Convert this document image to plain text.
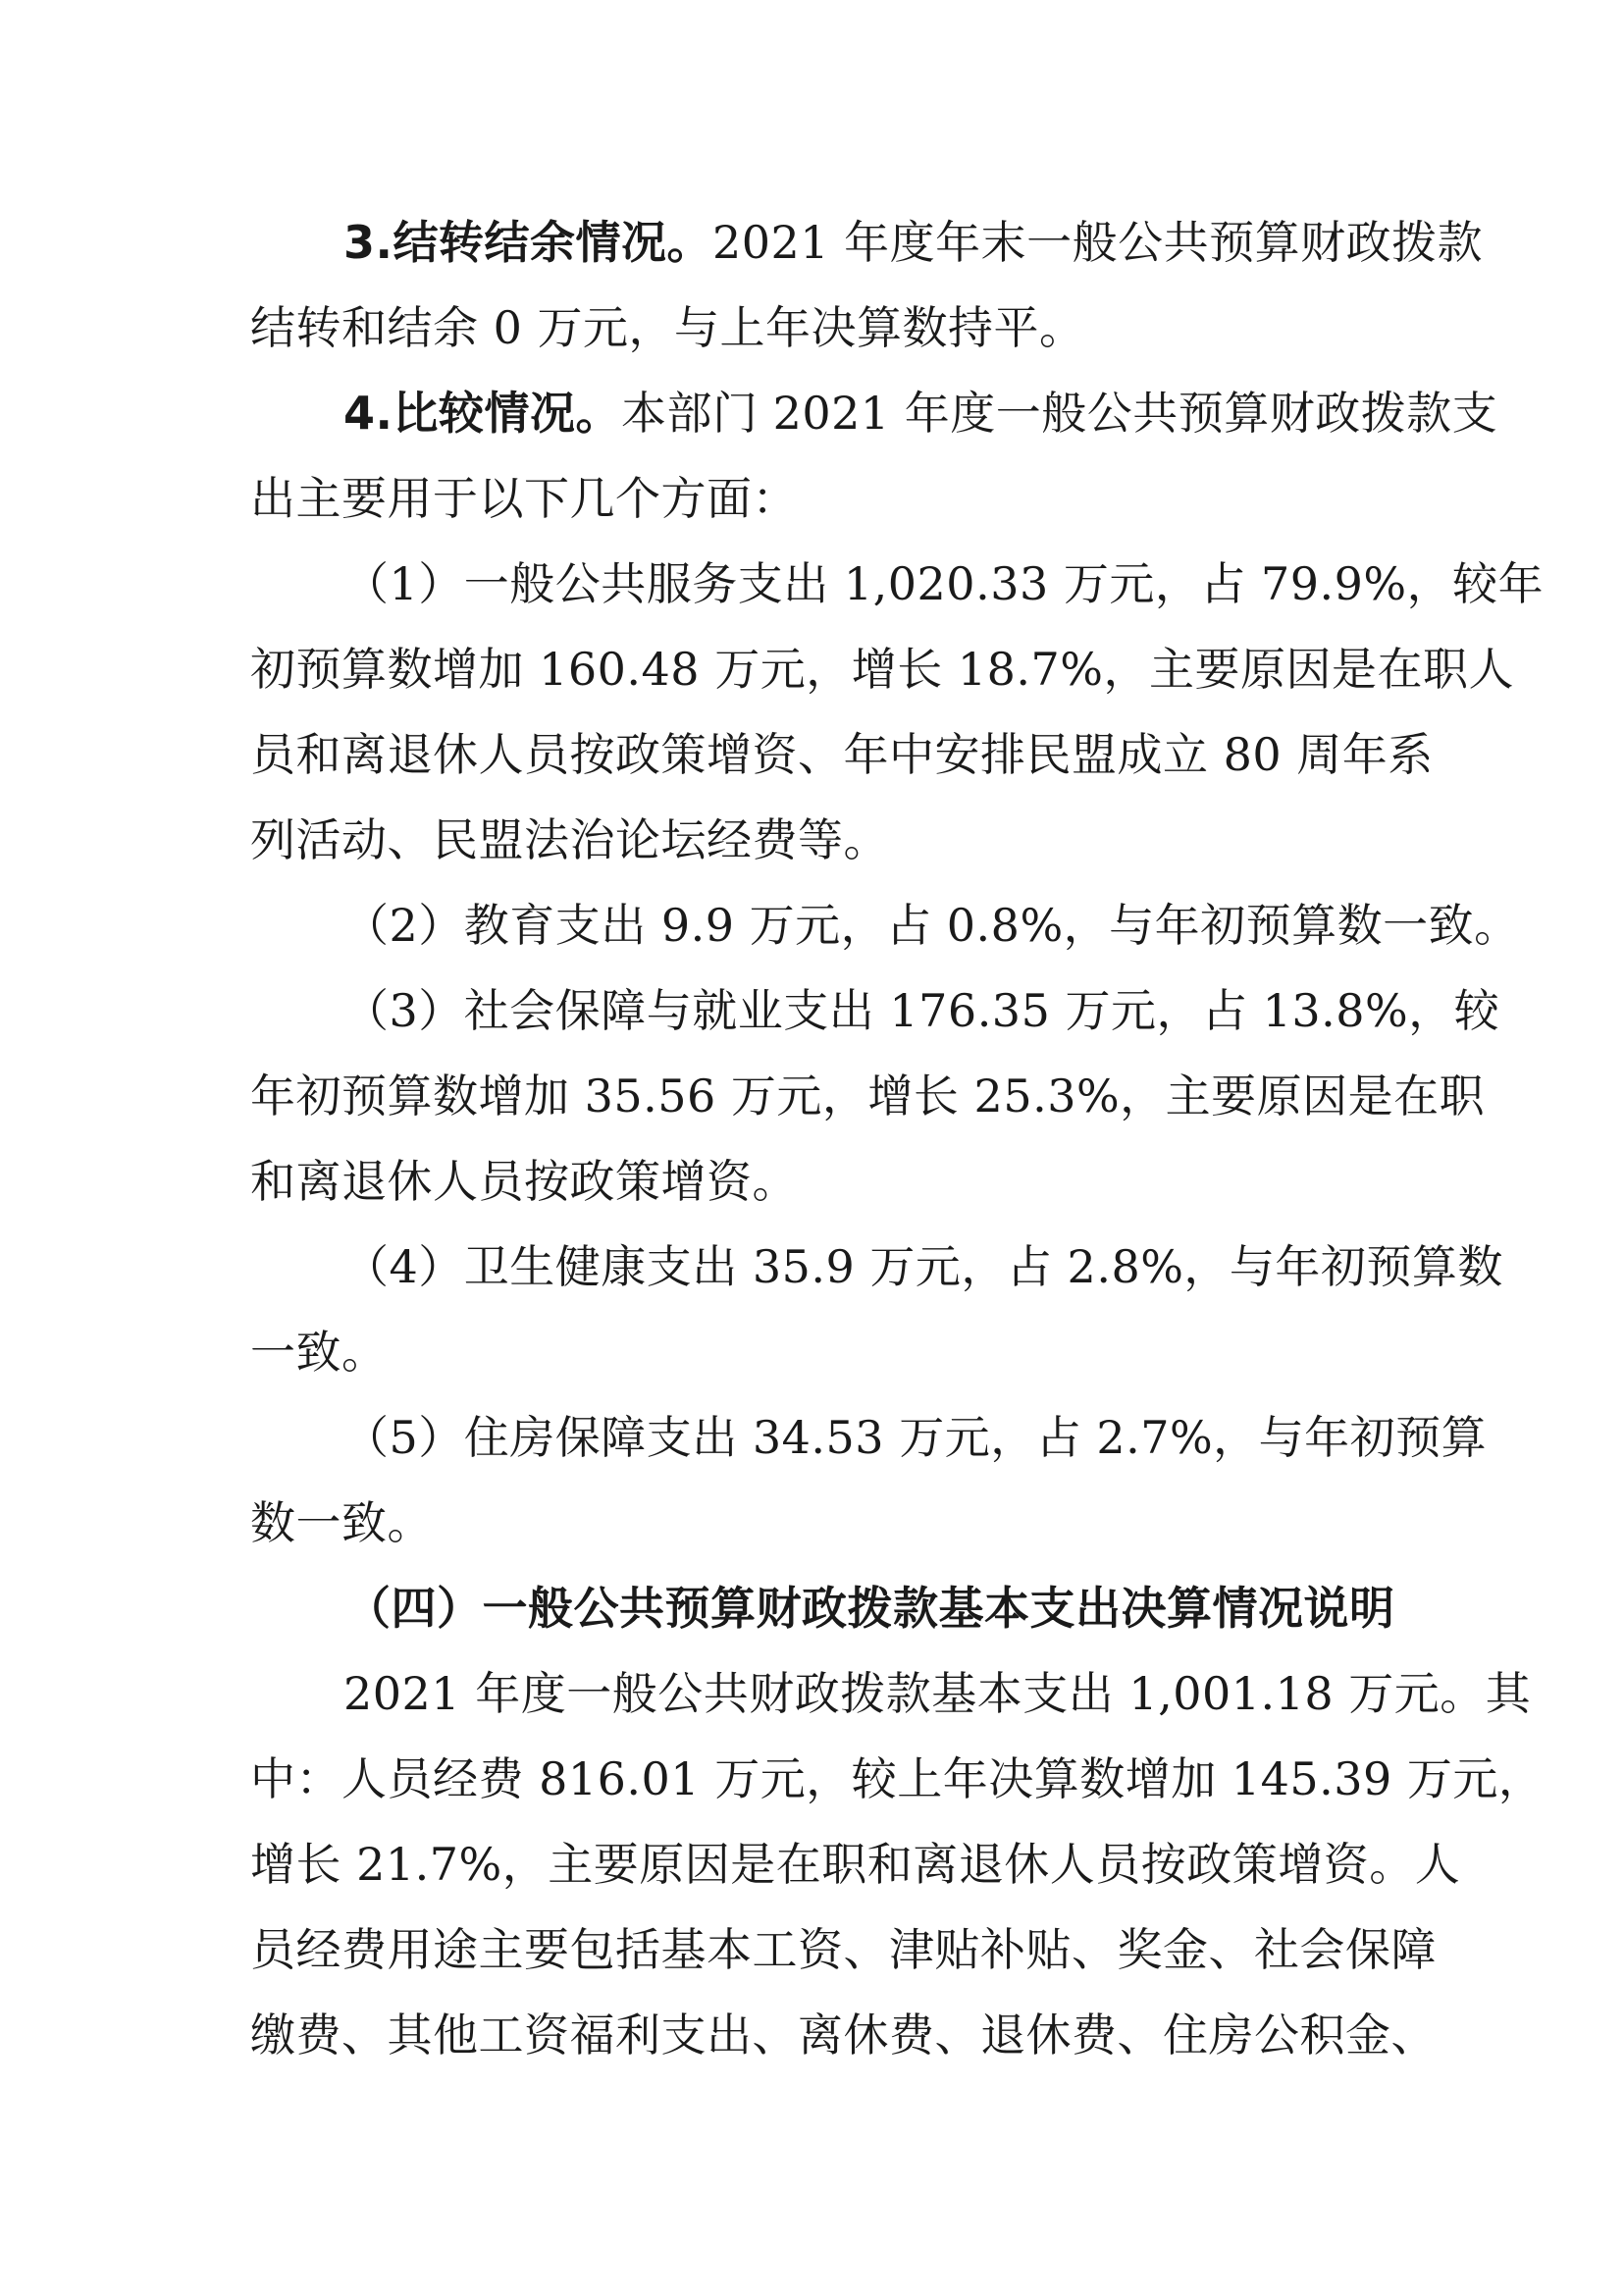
3.结转结余情况。2021 年度年末一般公共预算财政拨款
结转和结余 0 万元，与上年决算数持平。
4.比较情况。本部门 2021 年度一般公共预算财政拨款支
出主要用于以下几个方面：
（1）一般公共服务支出 1,020.33 万元，占 79.9%，较年
初预算数增加 160.48 万元，增长 18.7%，主要原因是在职人
员和离退休人员按政策增资、年中安排民盟成立 80 周年系
列活动、民盟法治论坛经费等。
（2）教育支出 9.9 万元，占 0.8%，与年初预算数一致。
（3）社会保障与就业支出 176.35 万元，占 13.8%，较
年初预算数增加 35.56 万元，增长 25.3%，主要原因是在职
和离退休人员按政策增资。
（4）卫生健康支出 35.9 万元，占 2.8%，与年初预算数
一致。
（5）住房保障支出 34.53 万元，占 2.7%，与年初预算
数一致。
（四）一般公共预算财政拨款基本支出决算情况说明
2021 年度一般公共财政拨款基本支出 1,001.18 万元。其
中：人员经费 816.01 万元，较上年决算数增加 145.39 万元，
增长 21.7%，主要原因是在职和离退休人员按政策增资。人
员经费用途主要包括基本工资、津贴补贴、奖金、社会保障
缴费、其他工资福利支出、离休费、退休费、住房公积金、
